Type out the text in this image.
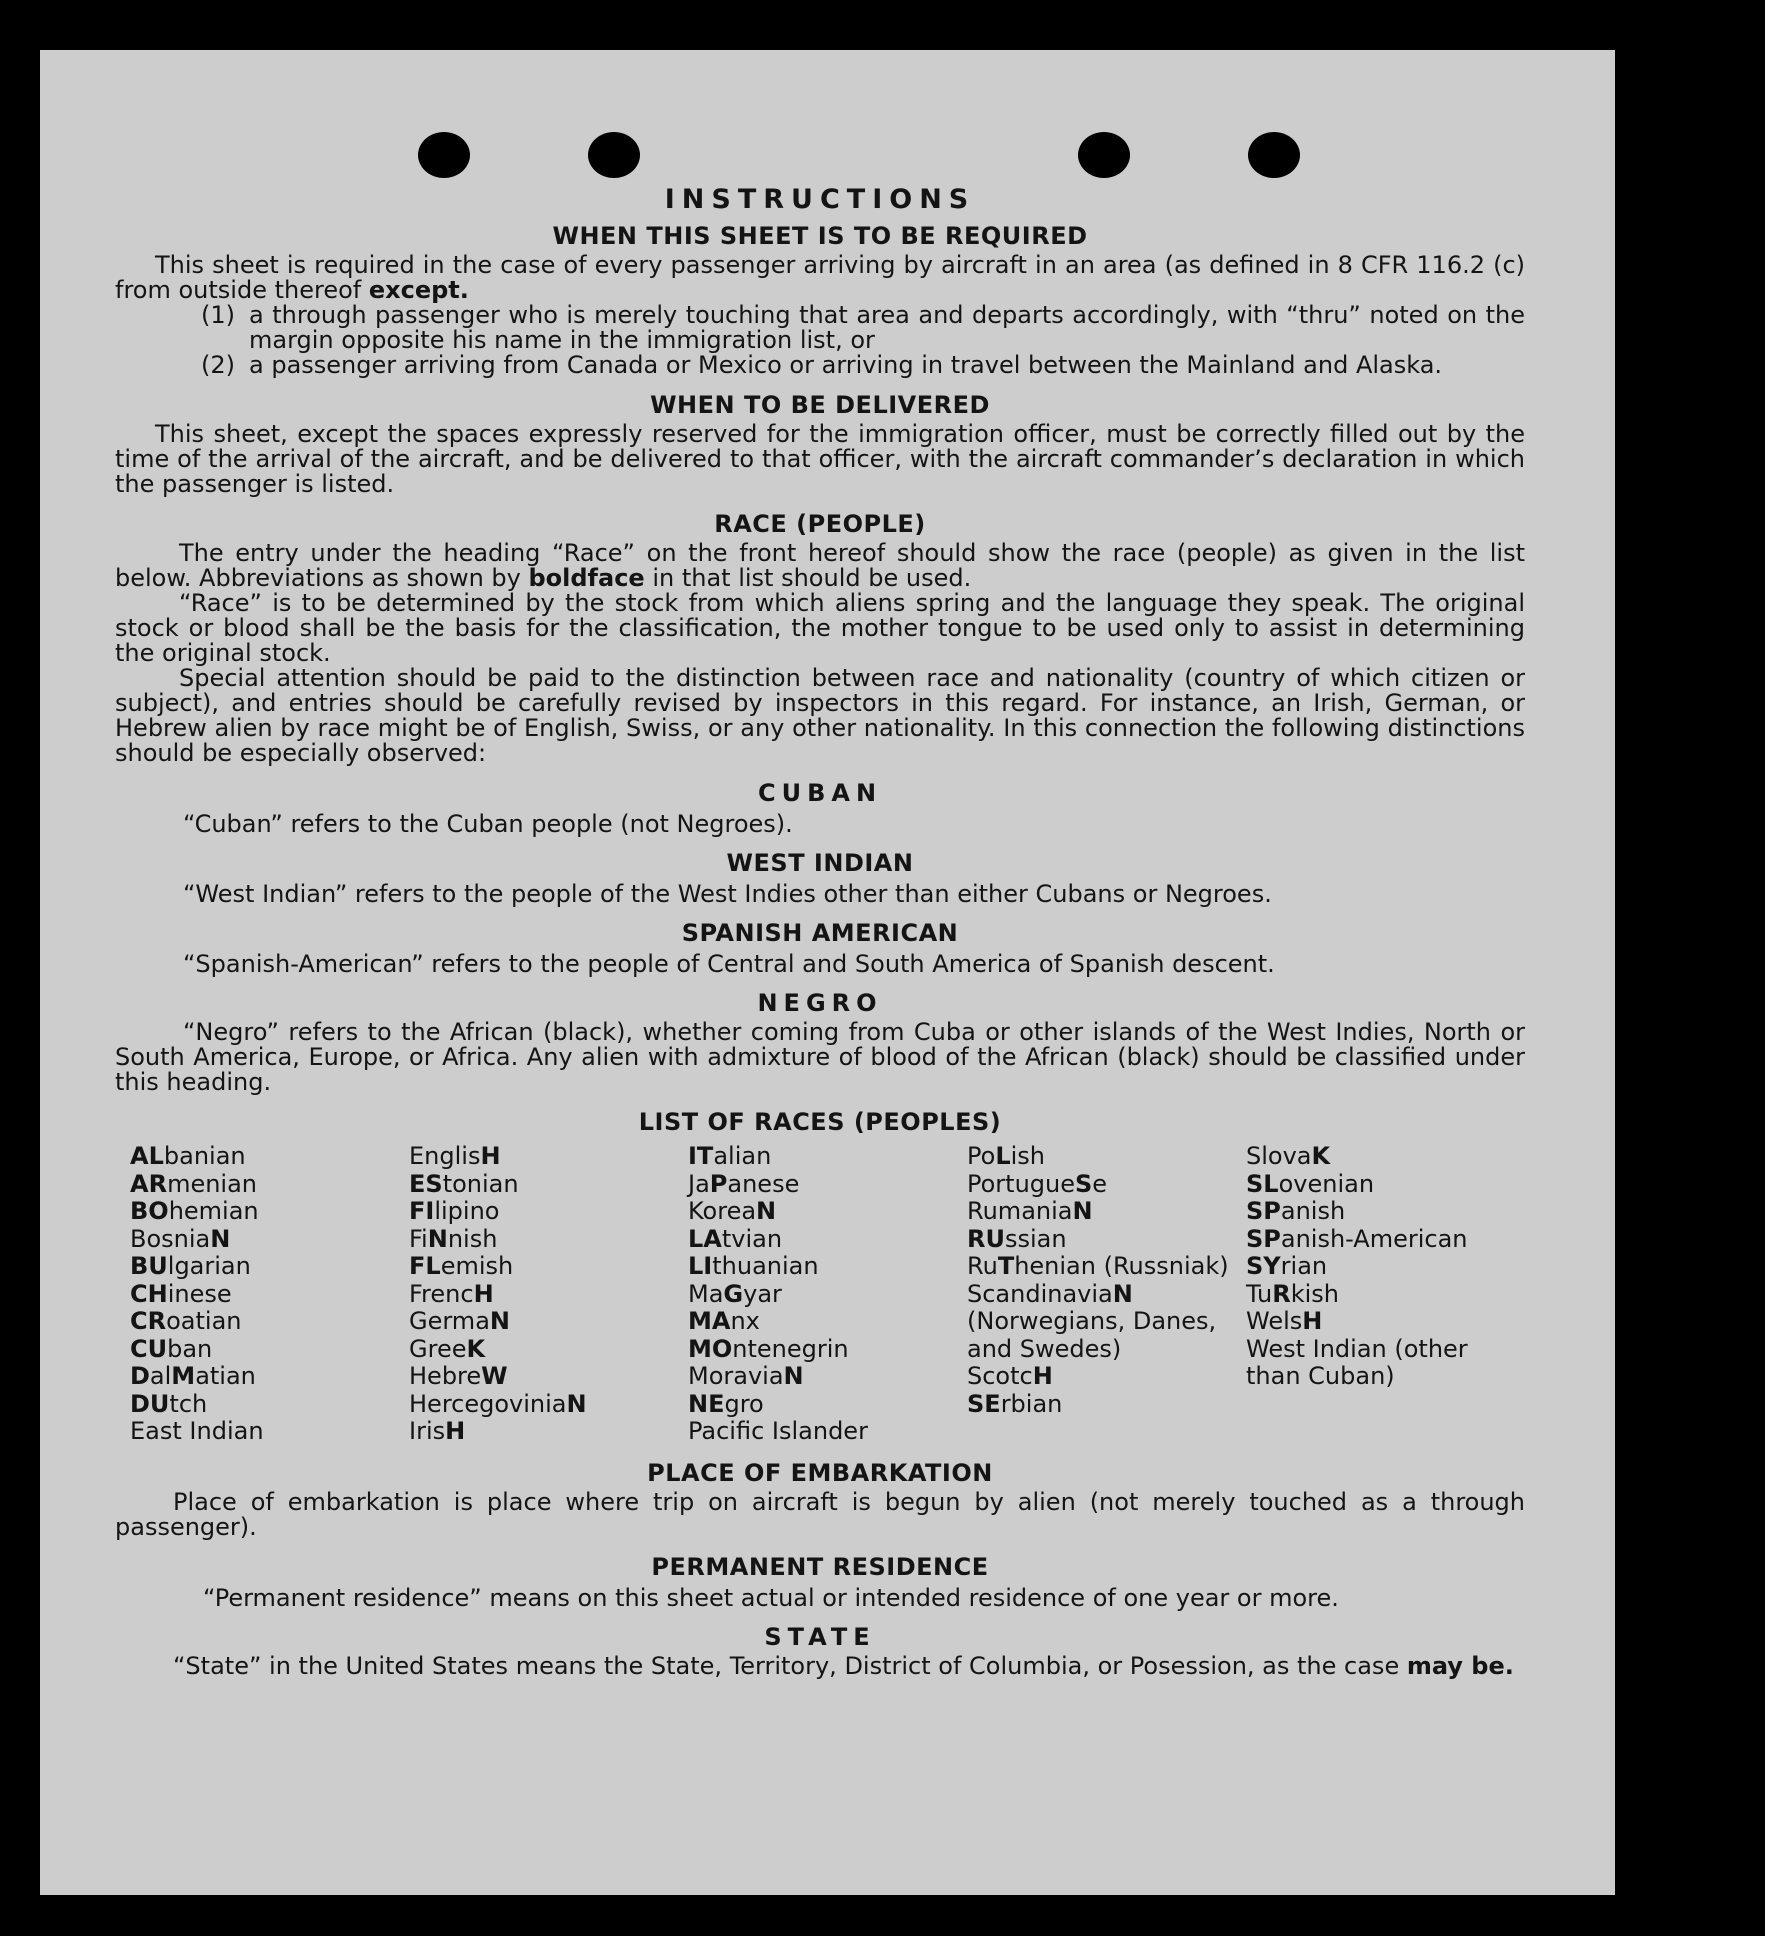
INSTRUCTIONS
WHEN THIS SHEET IS TO BE REQUIRED

This sheet is required in the case of every passenger arriving by aircraft in an area (as defined in 8 CFR 116.2 (c) from outside thereof except.

(1) a through passenger who is merely touching that area and departs accordingly, with “thru” noted on the margin opposite his name in the immigration list, or
(2) a passenger arriving from Canada or Mexico or arriving in travel between the Mainland and Alaska.
WHEN TO BE DELIVERED

This sheet, except the spaces expressly reserved for the immigration officer, must be correctly filled out by the time of the arrival of the aircraft, and be delivered to that officer, with the aircraft commander’s declaration in which the passenger is listed.

RACE (PEOPLE)

The entry under the heading “Race” on the front hereof should show the race (people) as given in the list below. Abbreviations as shown by boldface in that list should be used.

“Race” is to be determined by the stock from which aliens spring and the language they speak. The original stock or blood shall be the basis for the classification, the mother tongue to be used only to assist in determining the original stock.

Special attention should be paid to the distinction between race and nationality (country of which citizen or subject), and entries should be carefully revised by inspectors in this regard. For instance, an Irish, German, or Hebrew alien by race might be of English, Swiss, or any other nationality. In this connection the following distinctions should be especially observed:

CUBAN

“Cuban” refers to the Cuban people (not Negroes).

WEST INDIAN

“West Indian” refers to the people of the West Indies other than either Cubans or Negroes.

SPANISH AMERICAN

“Spanish-American” refers to the people of Central and South America of Spanish descent.

NEGRO

“Negro” refers to the African (black), whether coming from Cuba or other islands of the West Indies, North or South America, Europe, or Africa. Any alien with admixture of blood of the African (black) should be classified under this heading.

LIST OF RACES (PEOPLES)
ALbanian
ARmenian
BOhemian
BosniaN
BUlgarian
CHinese
CRoatian
CUban
DalMatian
DUtch
East Indian
EnglisH
EStonian
FIlipino
FiNnish
FLemish
FrencH
GermaN
GreeK
HebreW
HercegoviniaN
IrisH
ITalian
JaPanese
KoreaN
LAtvian
LIthuanian
MaGyar
MAnx
MOntenegrin
MoraviaN
NEgro
Pacific Islander
PoLish
PortugueSe
RumaniaN
RUssian
RuThenian (Russniak)
ScandinaviaN (Norwegians, Danes, and Swedes)
ScotcH
SErbian
SlovaK
SLovenian
SPanish
SPanish-American
SYrian
TuRkish
WelsH
West Indian (other than Cuban)
PLACE OF EMBARKATION

Place of embarkation is place where trip on aircraft is begun by alien (not merely touched as a through passenger).

PERMANENT RESIDENCE

“Permanent residence” means on this sheet actual or intended residence of one year or more.

STATE

“State” in the United States means the State, Territory, District of Columbia, or Posession, as the case may be.
